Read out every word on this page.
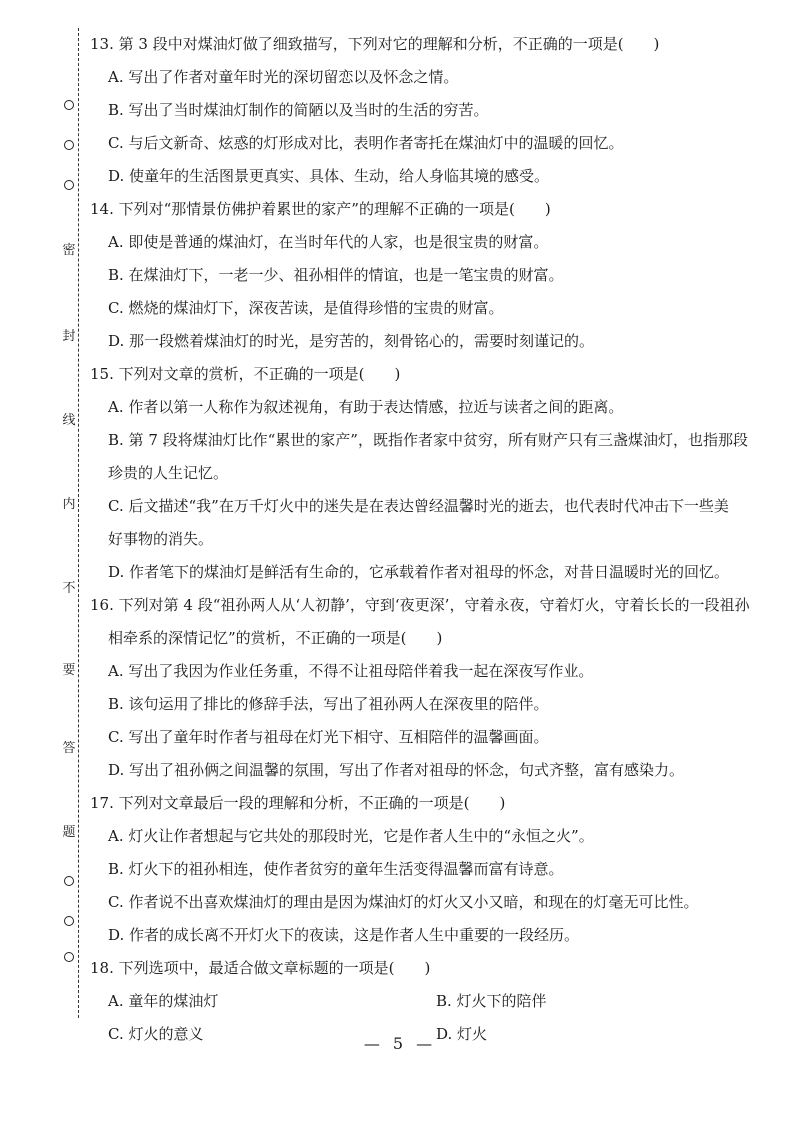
密
封
线
内
不
要
答
题
13. 第 3 段中对煤油灯做了细致描写，下列对它的理解和分析，不正确的一项是(　　)
A. 写出了作者对童年时光的深切留恋以及怀念之情。
B. 写出了当时煤油灯制作的简陋以及当时的生活的穷苦。
C. 与后文新奇、炫惑的灯形成对比，表明作者寄托在煤油灯中的温暖的回忆。
D. 使童年的生活图景更真实、具体、生动，给人身临其境的感受。
14. 下列对“那情景仿佛护着累世的家产”的理解不正确的一项是(　　)
A. 即使是普通的煤油灯，在当时年代的人家，也是很宝贵的财富。
B. 在煤油灯下，一老一少、祖孙相伴的情谊，也是一笔宝贵的财富。
C. 燃烧的煤油灯下，深夜苦读，是值得珍惜的宝贵的财富。
D. 那一段燃着煤油灯的时光，是穷苦的，刻骨铭心的，需要时刻谨记的。
15. 下列对文章的赏析，不正确的一项是(　　)
A. 作者以第一人称作为叙述视角，有助于表达情感，拉近与读者之间的距离。
B. 第 7 段将煤油灯比作“累世的家产”，既指作者家中贫穷，所有财产只有三盏煤油灯，也指那段
珍贵的人生记忆。
C. 后文描述“我”在万千灯火中的迷失是在表达曾经温馨时光的逝去，也代表时代冲击下一些美
好事物的消失。
D. 作者笔下的煤油灯是鲜活有生命的，它承载着作者对祖母的怀念，对昔日温暖时光的回忆。
16. 下列对第 4 段“祖孙两人从‘人初静’，守到‘夜更深’，守着永夜，守着灯火，守着长长的一段祖孙
相牵系的深情记忆”的赏析，不正确的一项是(　　)
A. 写出了我因为作业任务重，不得不让祖母陪伴着我一起在深夜写作业。
B. 该句运用了排比的修辞手法，写出了祖孙两人在深夜里的陪伴。
C. 写出了童年时作者与祖母在灯光下相守、互相陪伴的温馨画面。
D. 写出了祖孙俩之间温馨的氛围，写出了作者对祖母的怀念，句式齐整，富有感染力。
17. 下列对文章最后一段的理解和分析，不正确的一项是(　　)
A. 灯火让作者想起与它共处的那段时光，它是作者人生中的“永恒之火”。
B. 灯火下的祖孙相连，使作者贫穷的童年生活变得温馨而富有诗意。
C. 作者说不出喜欢煤油灯的理由是因为煤油灯的灯火又小又暗，和现在的灯毫无可比性。
D. 作者的成长离不开灯火下的夜读，这是作者人生中重要的一段经历。
18. 下列选项中，最适合做文章标题的一项是(　　)
A. 童年的煤油灯	B. 灯火下的陪伴
C. 灯火的意义	D. 灯火
— 5 —
